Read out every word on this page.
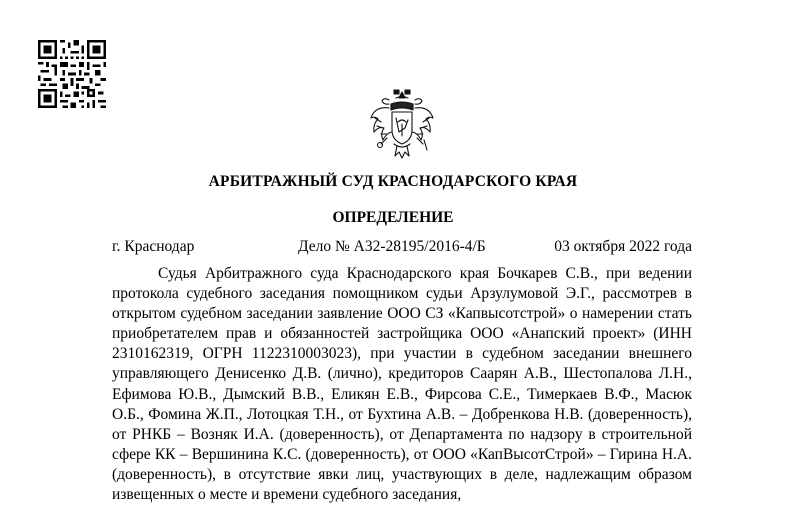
АРБИТРАЖНЫЙ СУД КРАСНОДАРСКОГО КРАЯ
ОПРЕДЕЛЕНИЕ
г. Краснодар	Дело № А32-28195/2016-4/Б	03 октября 2022 года

Судья Арбитражного суда Краснодарского края Бочкарев С.В., при ведении протокола судебного заседания помощником судьи Арзулумовой Э.Г., рассмотрев в открытом судебном заседании заявление ООО СЗ «Капвысотстрой» о намерении стать приобретателем прав и обязанностей застройщика ООО «Анапский проект» (ИНН 2310162319, ОГРН 1122310003023), при участии в судебном заседании внешнего управляющего Денисенко Д.В. (лично), кредиторов Саарян А.В., Шестопалова Л.Н., Ефимова Ю.В., Дымский В.В., Еликян Е.В., Фирсова С.Е., Тимеркаев В.Ф., Масюк О.Б., Фомина Ж.П., Лотоцкая Т.Н., от Бухтина А.В. – Добренкова Н.В. (доверенность), от РНКБ – Возняк И.А. (доверенность), от Департамента по надзору в строительной сфере КК – Вершинина К.С. (доверенность), от ООО «КапВысотСтрой» – Гирина Н.А. (доверенность), в отсутствие явки лиц, участвующих в деле, надлежащим образом извещенных о месте и времени судебного заседания,
